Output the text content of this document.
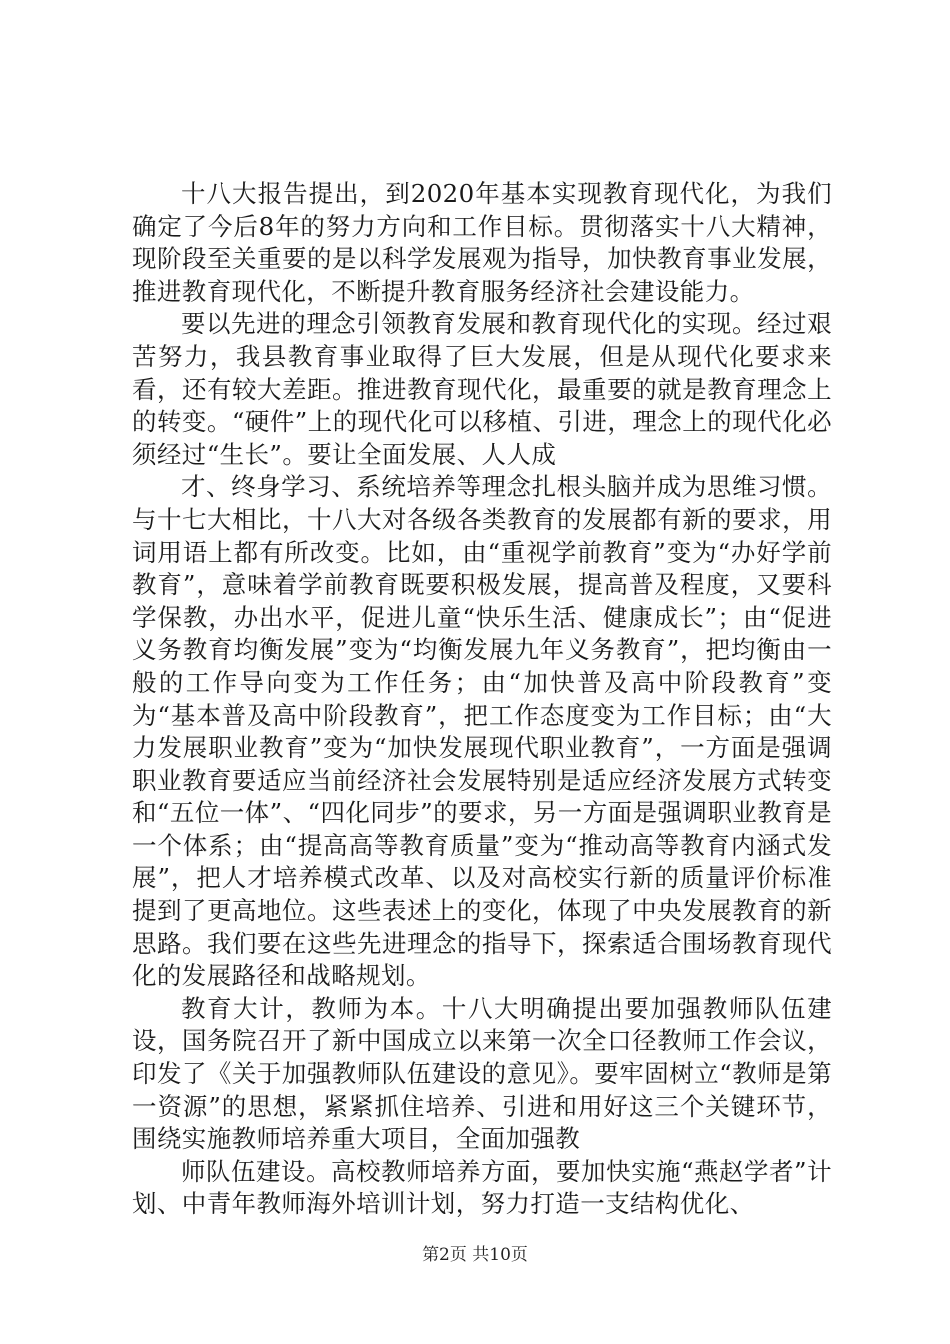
十八大报告提出，到2020年基本实现教育现代化，为我们确定了今后8年的努力方向和工作目标。贯彻落实十八大精神，现阶段至关重要的是以科学发展观为指导，加快教育事业发展，推进教育现代化，不断提升教育服务经济社会建设能力。

要以先进的理念引领教育发展和教育现代化的实现。经过艰苦努力，我县教育事业取得了巨大发展，但是从现代化要求来看，还有较大差距。推进教育现代化，最重要的就是教育理念上的转变。“硬件”上的现代化可以移植、引进，理念上的现代化必须经过“生长”。要让全面发展、人人成

才、终身学习、系统培养等理念扎根头脑并成为思维习惯。与十七大相比，十八大对各级各类教育的发展都有新的要求，用词用语上都有所改变。比如，由“重视学前教育”变为“办好学前教育”，意味着学前教育既要积极发展，提高普及程度，又要科学保教，办出水平，促进儿童“快乐生活、健康成长”；由“促进义务教育均衡发展”变为“均衡发展九年义务教育”，把均衡由一般的工作导向变为工作任务；由“加快普及高中阶段教育”变为“基本普及高中阶段教育”，把工作态度变为工作目标；由“大力发展职业教育”变为“加快发展现代职业教育”，一方面是强调职业教育要适应当前经济社会发展特别是适应经济发展方式转变和“五位一体”、“四化同步”的要求，另一方面是强调职业教育是一个体系；由“提高高等教育质量”变为“推动高等教育内涵式发展”，把人才培养模式改革、以及对高校实行新的质量评价标准提到了更高地位。这些表述上的变化，体现了中央发展教育的新思路。我们要在这些先进理念的指导下，探索适合围场教育现代化的发展路径和战略规划。

教育大计，教师为本。十八大明确提出要加强教师队伍建设，国务院召开了新中国成立以来第一次全口径教师工作会议，印发了《关于加强教师队伍建设的意见》。要牢固树立“教师是第一资源”的思想，紧紧抓住培养、引进和用好这三个关键环节，围绕实施教师培养重大项目，全面加强教

师队伍建设。高校教师培养方面，要加快实施“燕赵学者”计划、中青年教师海外培训计划，努力打造一支结构优化、

第2页 共10页
